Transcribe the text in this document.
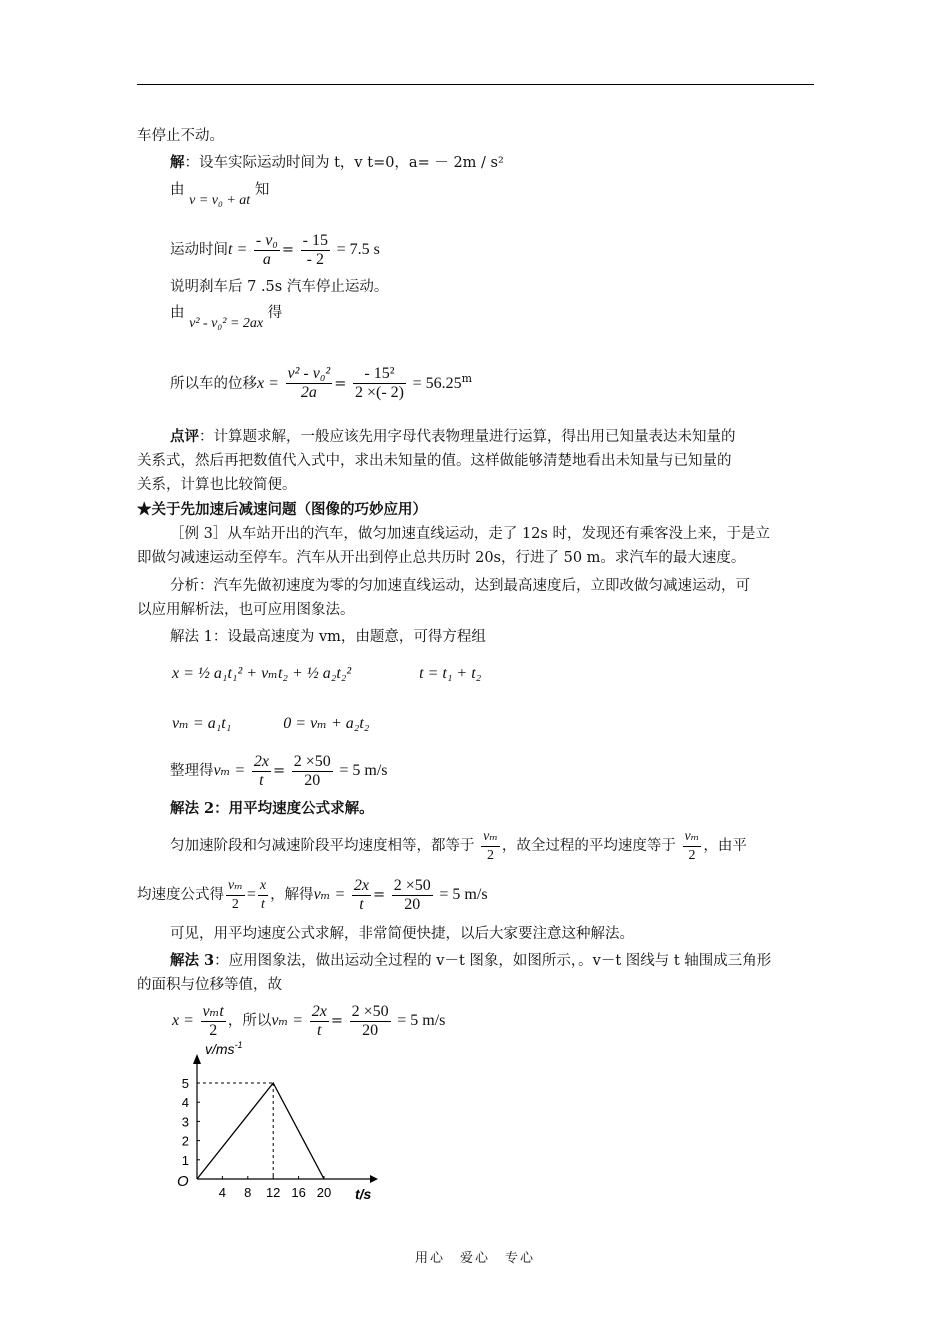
车停止不动。
解：设车实际运动时间为 t，v t=0，a= － 2m / s²
由 v = v₀ + at 知
运动时间$t = \frac{\text{- v₀}}{a} = \frac{- 15}{- 2} = 7.5$ s
说明刹车后 7 .5s 汽车停止运动。
由 v² - v₀² = 2ax 得
所以车的位移$x = \frac{\text{v² - v₀²}}{2a} = \frac{\text{- 15²}}{2 \times(- 2)} = 56.25^m$
点评：计算题求解，一般应该先用字母代表物理量进行运算，得出用已知量表达未知量的
关系式，然后再把数值代入式中，求出未知量的值。这样做能够清楚地看出未知量与已知量的
关系，计算也比较简便。
★关于先加速后减速问题（图像的巧妙应用）
［例 3］从车站开出的汽车，做匀加速直线运动，走了 12s 时，发现还有乘客没上来，于是立
即做匀减速运动至停车。汽车从开出到停止总共历时 20s，行进了 50 m。求汽车的最大速度。
分析：汽车先做初速度为零的匀加速直线运动，达到最高速度后，立即改做匀减速运动，可
以应用解析法，也可应用图象法。
解法 1：设最高速度为 vm，由题意，可得方程组
x = ½ a₁t₁² + vₘt₂ + ½ a₂t₂²	t = t₁ + t₂
vₘ = a₁t₁	0 = vₘ + a₂t₂
整理得$v_m = \frac{2x}{t} = \frac{2 \times 50}{20} = 5$ m/s
解法 2：用平均速度公式求解。
匀加速阶段和匀减速阶段平均速度相等，都等于 $\frac{\text{vₘ}}{2}$ ，故全过程的平均速度等于 $\frac{\text{vₘ}}{2}$ ，由平
均速度公式得 $\frac{\text{vₘ}}{2} = \frac{x}{t}$ ，解得$v_m = \frac{2x}{t} = \frac{2 \times 50}{20} = 5$ m/s
可见，用平均速度公式求解，非常简便快捷，以后大家要注意这种解法。
解法 3：应用图象法，做出运动全过程的 v－t 图象，如图所示，。v－t 图线与 t 轴围成三角形
的面积与位移等值，故
$x = \frac{\text{vₘt}}{2}$ ，所以$v_m = \frac{2x}{t} = \frac{2 \times 50}{20} = 5$ m/s
4 8 12 16 20
1
2
3
4
5
$v/ms^{-1}$
t/s
O
用心　爱心　专心
